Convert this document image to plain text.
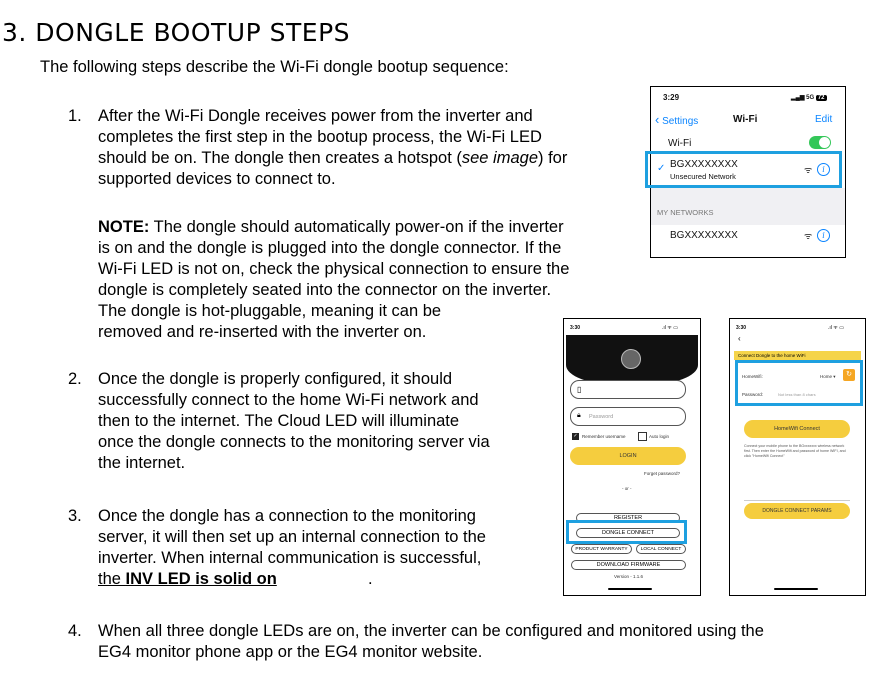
3. DONGLE BOOTUP STEPS
The following steps describe the Wi-Fi dongle bootup sequence:
1. After the Wi-Fi Dongle receives power from the inverter and
completes the first step in the bootup process, the Wi-Fi LED
should be on. The dongle then creates a hotspot (see image) for
supported devices to connect to.
NOTE: The dongle should automatically power-on if the inverter
is on and the dongle is plugged into the dongle connector. If the
Wi-Fi LED is not on, check the physical connection to ensure the
dongle is completely seated into the connector on the inverter.
The dongle is hot-pluggable, meaning it can be
removed and re-inserted with the inverter on.
2. Once the dongle is properly configured, it should
successfully connect to the home Wi-Fi network and
then to the internet. The Cloud LED will illuminate
once the dongle connects to the monitoring server via
the internet.
3. Once the dongle has a connection to the monitoring
server, it will then set up an internal connection to the
inverter. When internal communication is successful,
the INV LED is solid on	.
4. When all three dongle LEDs are on, the inverter can be configured and monitored using the
EG4 monitor phone app or the EG4 monitor website.
3:29	▂▄▆ 5G 72
‹ Settings	Wi-Fi	Edit
Wi-Fi
✓ BGXXXXXXXX
Unsecured Network
ᯤ	i
MY NETWORKS
BGXXXXXXXX	ᯤ	i
3:30	.ıl ᯤ ▭
▯
🔒︎ Password
✓ Remember username	Auto login
LOGIN
Forget password?
- or -
REGISTER
DONGLE CONNECT
PRODUCT WARRANTY	LOCAL CONNECT
DOWNLOAD FIRMWARE
Version - 1.1.6
3:30	.ıl ᯤ ▭
‹
Connect Dongle to the home WiFi
HomeWifi:	Home ▾	↻
Password:	Not less than 8 chars
HomeWifi Connect
Connect your mobile phone to the BGxxxxxxx wireless network first. Then enter the HomeWifi and password of home WIFI, and click "HomeWifi Connect"
DONGLE CONNECT PARAMS
